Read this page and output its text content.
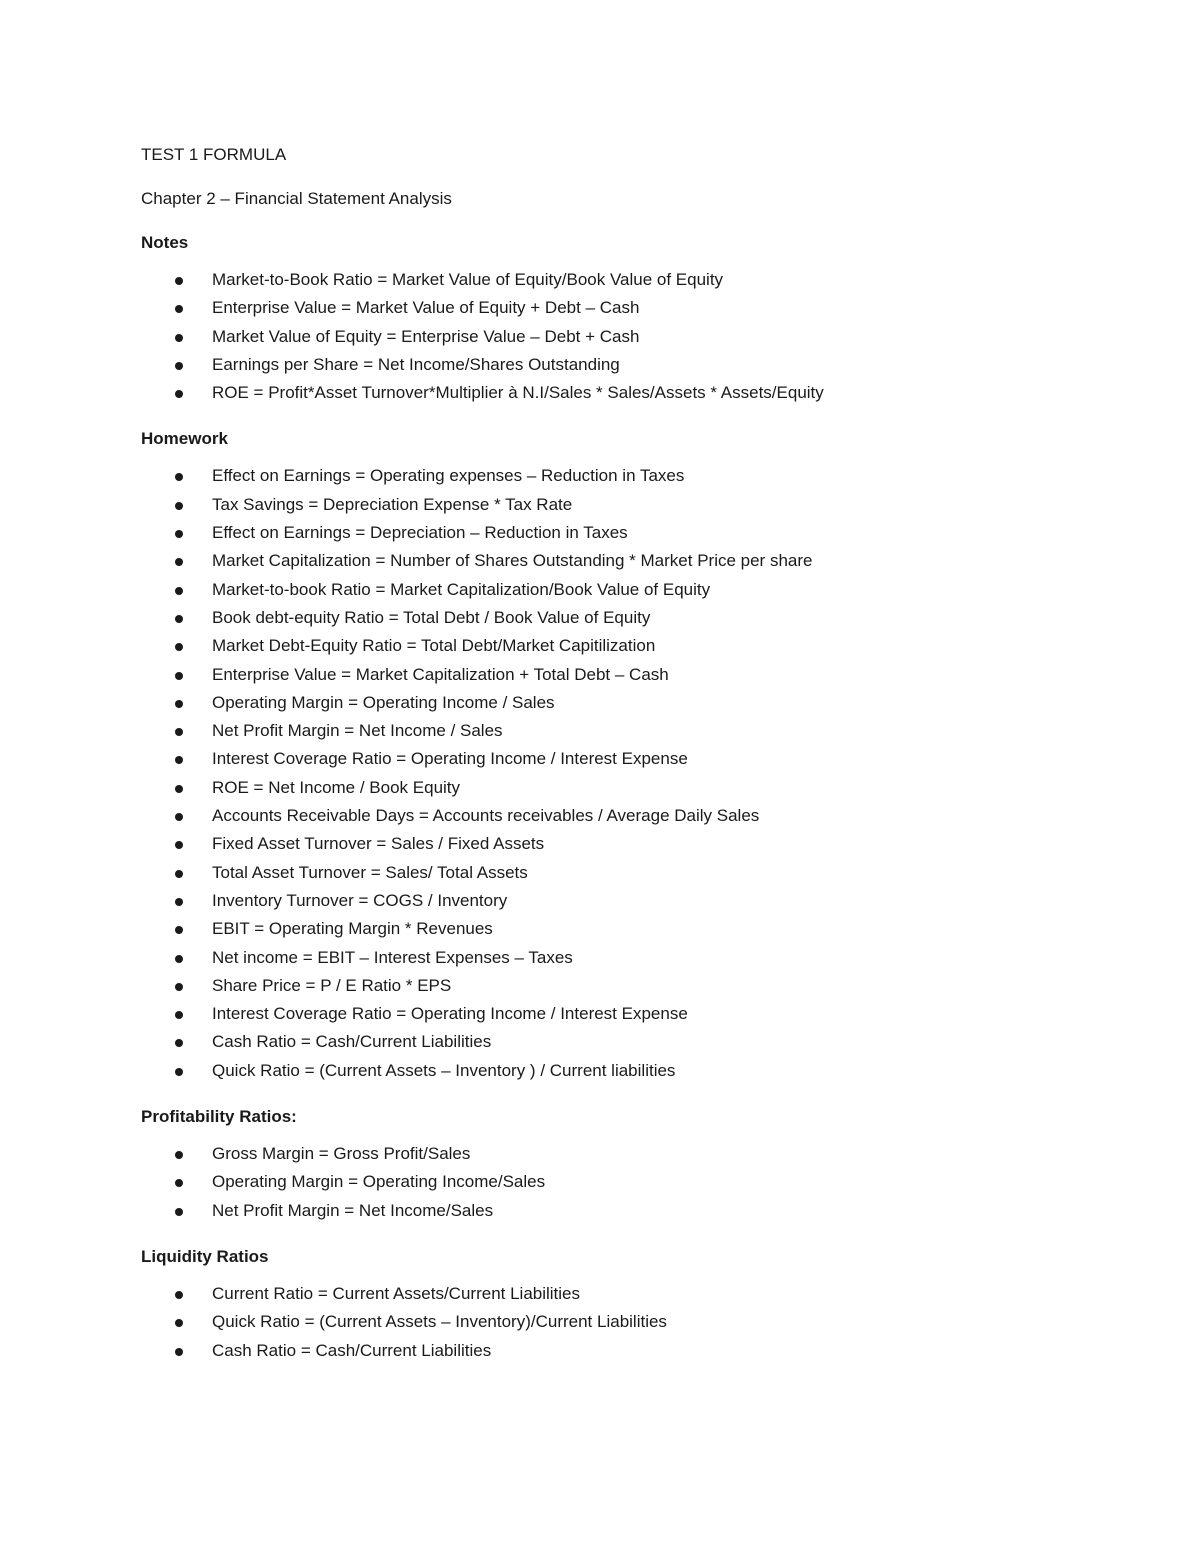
TEST 1 FORMULA
Chapter 2 – Financial Statement Analysis
Notes
Market-to-Book Ratio = Market Value of Equity/Book Value of Equity
Enterprise Value = Market Value of Equity + Debt – Cash
Market Value of Equity = Enterprise Value – Debt + Cash
Earnings per Share = Net Income/Shares Outstanding
ROE = Profit*Asset Turnover*Multiplier à N.I/Sales * Sales/Assets * Assets/Equity
Homework
Effect on Earnings = Operating expenses – Reduction in Taxes
Tax Savings = Depreciation Expense * Tax Rate
Effect on Earnings = Depreciation – Reduction in Taxes
Market Capitalization = Number of Shares Outstanding * Market Price per share
Market-to-book Ratio = Market Capitalization/Book Value of Equity
Book debt-equity Ratio = Total Debt / Book Value of Equity
Market Debt-Equity Ratio = Total Debt/Market Capitilization
Enterprise Value = Market Capitalization + Total Debt – Cash
Operating Margin = Operating Income / Sales
Net Profit Margin = Net Income / Sales
Interest Coverage Ratio = Operating Income / Interest Expense
ROE = Net Income / Book Equity
Accounts Receivable Days = Accounts receivables / Average Daily Sales
Fixed Asset Turnover = Sales / Fixed Assets
Total Asset Turnover = Sales/ Total Assets
Inventory Turnover = COGS / Inventory
EBIT = Operating Margin * Revenues
Net income = EBIT – Interest Expenses – Taxes
Share Price = P / E Ratio * EPS
Interest Coverage Ratio = Operating Income / Interest Expense
Cash Ratio = Cash/Current Liabilities
Quick Ratio = (Current Assets – Inventory ) / Current liabilities
Profitability Ratios:
Gross Margin = Gross Profit/Sales
Operating Margin = Operating Income/Sales
Net Profit Margin = Net Income/Sales
Liquidity Ratios
Current Ratio = Current Assets/Current Liabilities
Quick Ratio = (Current Assets – Inventory)/Current Liabilities
Cash Ratio = Cash/Current Liabilities
